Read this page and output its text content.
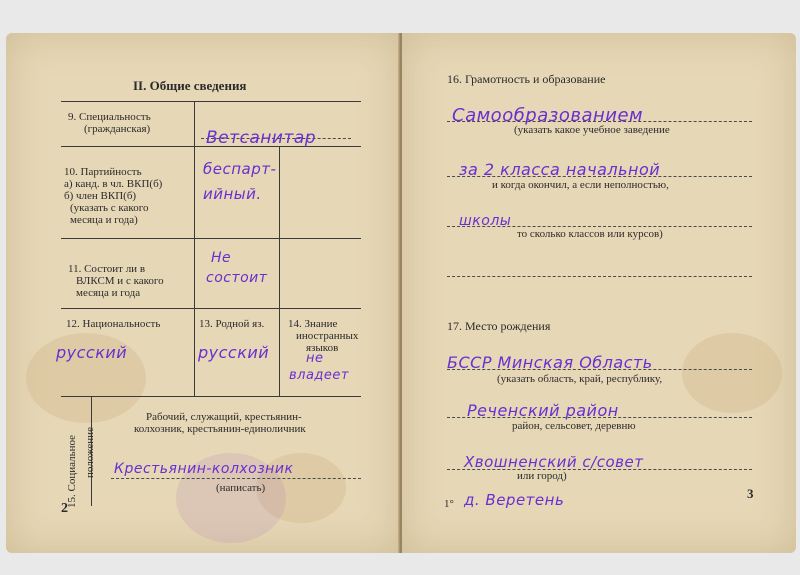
II. Общие сведения
9. Специальность
(гражданская)	Ветсанитар
10. Партийность
а) канд. в чл. ВКП(б)
б) член ВКП(б)
(указать с какого
месяца и года)
беспарт-
ийный.
11. Состоит ли в
ВЛКСМ и с какого
месяца и года
Не
состоит
12. Национальность
русский
13. Родной яз.
русский
14. Знание
иностранных
языков
не
владеет
15. Социальное положение
Рабочий, служащий, крестьянин-
колхозник, крестьянин-единоличник
Крестьянин-колхозник
(написать)
2
16. Грамотность и образование
Самообразованием
(указать какое учебное заведение
за 2 класса начальной
и когда окончил, а если неполностью,
школы
то сколько классов или курсов)
17. Место рождения
БССР Минская Область
(указать область, край, республику,
Реченский район
район, сельсовет, деревню
Хвошненский с/совет
или город)
1° д. Веретень	3
